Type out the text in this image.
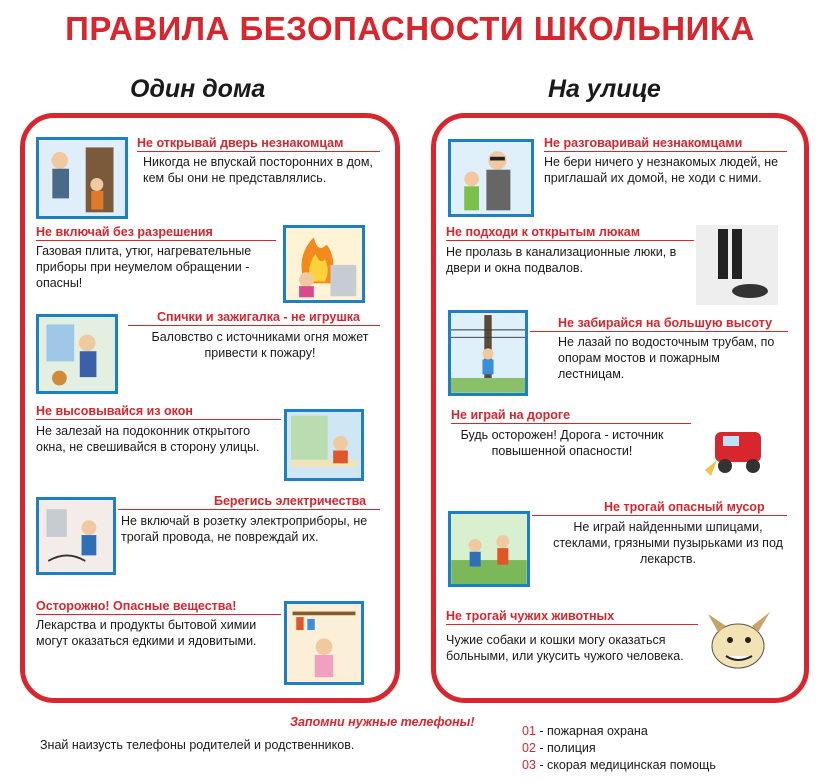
ПРАВИЛА БЕЗОПАСНОСТИ ШКОЛЬНИКА
Один дома	На улице
Не открывай дверь незнакомцам
Никогда не впускай посторонних в дом, кем бы они не представлялись.
Не включай без разрешения
Газовая плита, утюг, нагревательные приборы при неумелом обращении - опасны!
Спички и зажигалка - не игрушка
Баловство с источниками огня может привести к пожару!
Не высовывайся из окон
Не залезай на подоконник открытого окна, не свешивайся в сторону улицы.
Берегись электричества
Не включай в розетку электроприборы, не трогай провода, не повреждай их.
Осторожно! Опасные вещества!
Лекарства и продукты бытовой химии могут оказаться едкими и ядовитыми.
Не разговаривай незнакомцами
Не бери ничего у незнакомых людей, не приглашай их домой, не ходи с ними.
Не подходи к открытым люкам
Не пролазь в канализационные люки, в двери и окна подвалов.
Не забирайся на большую высоту
Не лазай по водосточным трубам, по опорам мостов и пожарным лестницам.
Не играй на дороге
Будь осторожен! Дорога - источник повышенной опасности!
Не трогай опасный мусор
Не играй найденными шпицами, стеклами, грязными пузырьками из под лекарств.
Не трогай чужих животных
Чужие собаки и кошки могу оказаться больными, или укусить чужого человека.
Запомни нужные телефоны!
Знай наизусть телефоны родителей и родственников.
01 - пожарная охрана
02 - полиция
03 - скорая медицинская помощь
